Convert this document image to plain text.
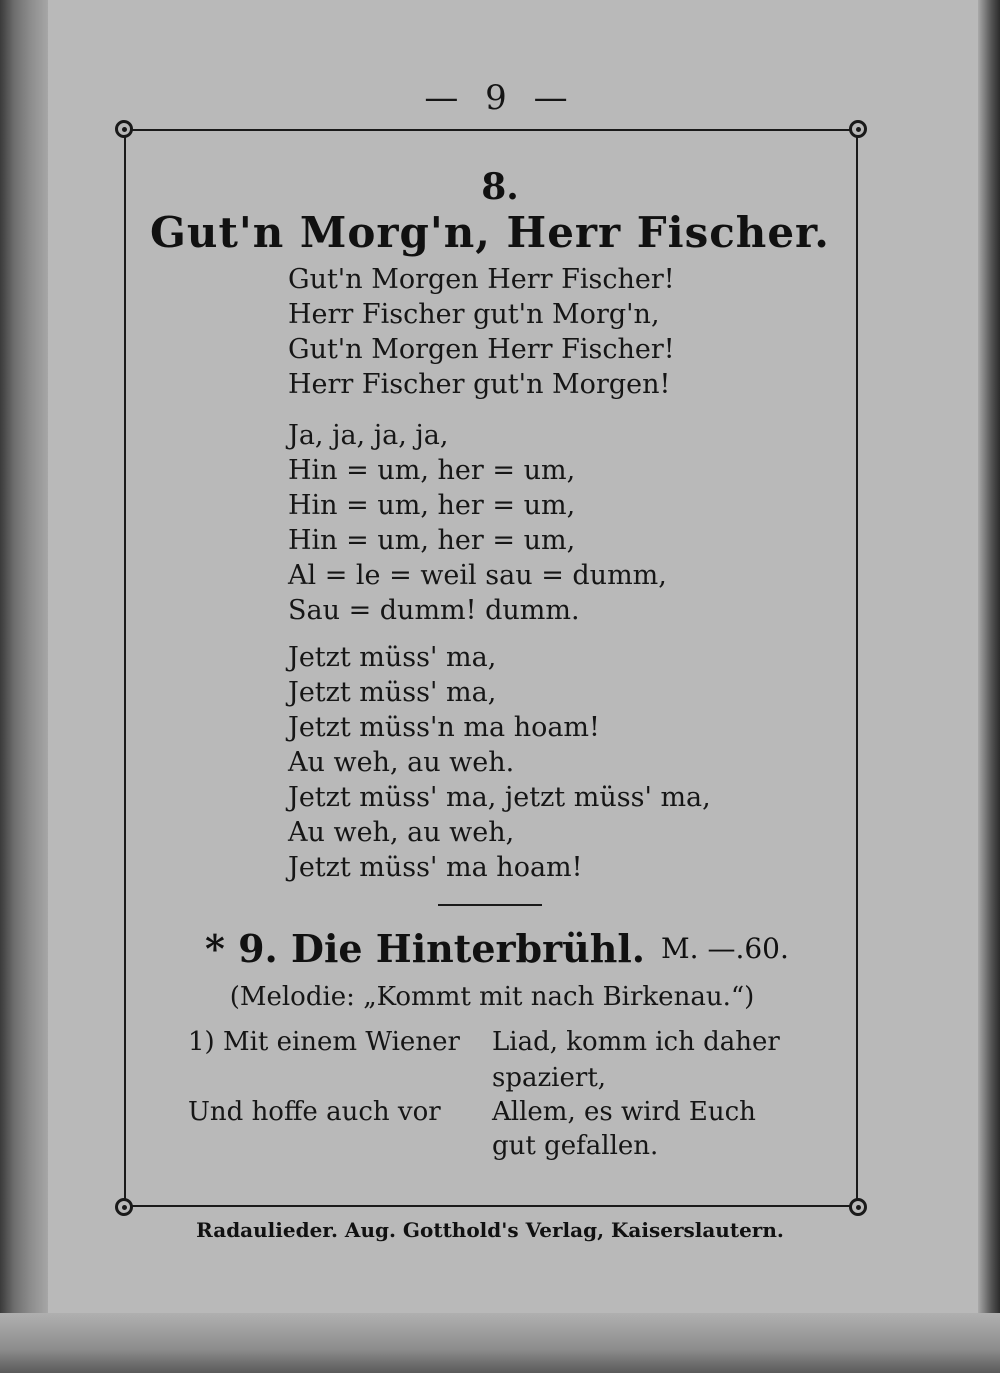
— 9 —
8.
Gut'n Morg'n, Herr Fischer.
Gut'n Morgen Herr Fischer!
Herr Fischer gut'n Morg'n,
Gut'n Morgen Herr Fischer!
Herr Fischer gut'n Morgen!
Ja, ja, ja, ja,
Hin = um, her = um,
Hin = um, her = um,
Hin = um, her = um,
Al = le = weil sau = dumm,
Sau = dumm! dumm.
Jetzt müss' ma,
Jetzt müss' ma,
Jetzt müss'n ma hoam!
Au weh, au weh.
Jetzt müss' ma, jetzt müss' ma,
Au weh, au weh,
Jetzt müss' ma hoam!
* 9. Die Hinterbrühl. M. —.60.
(Melodie: „Kommt mit nach Birkenau.“)
1) Mit einem Wiener Liad, komm ich daher
spaziert,
Und hoffe auch vor Allem, es wird Euch
gut gefallen.
Radaulieder. Aug. Gotthold's Verlag, Kaiserslautern.
